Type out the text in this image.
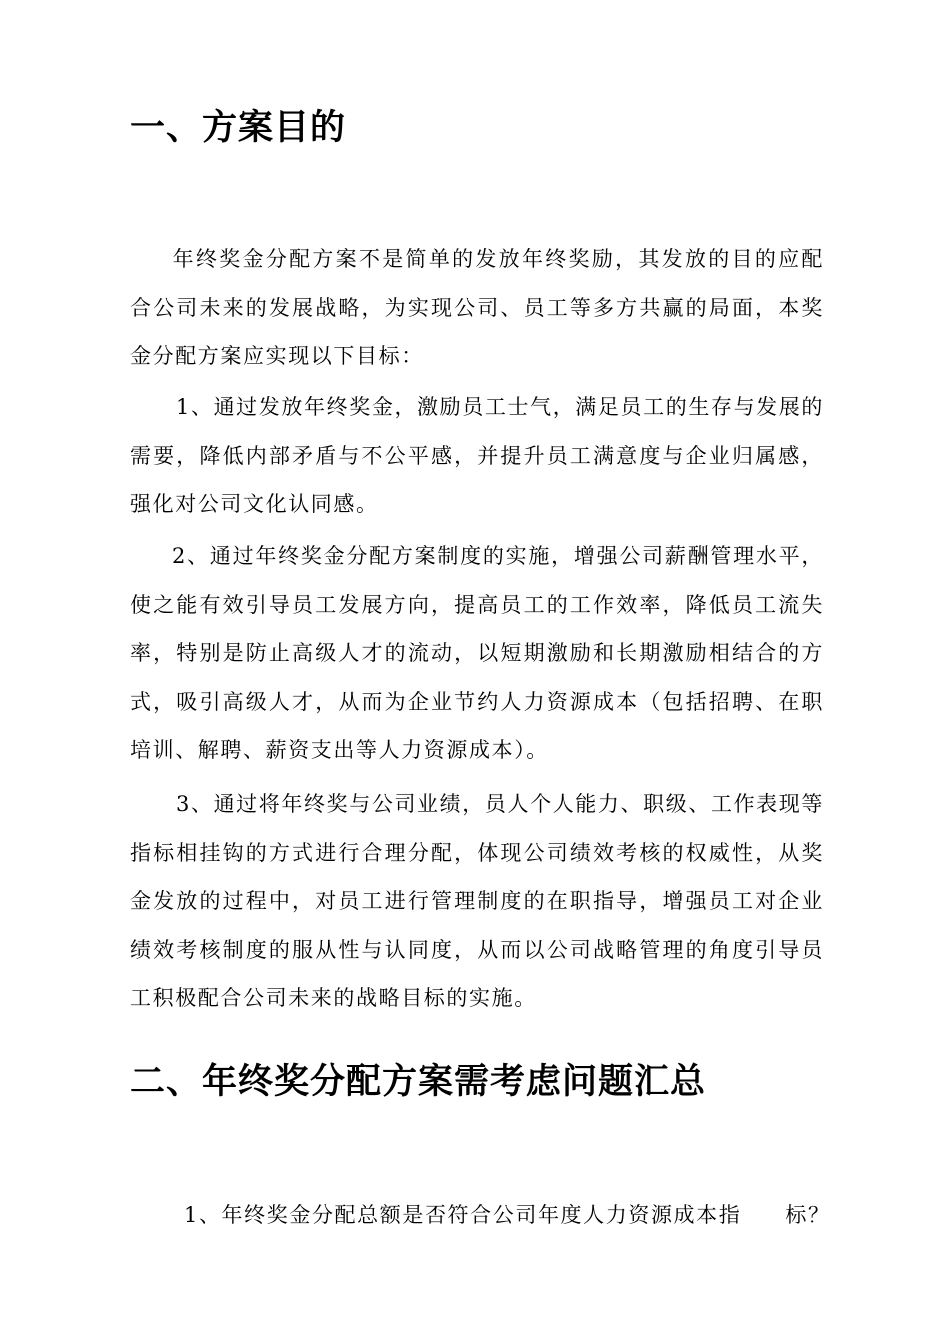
一、方案目的

年终奖金分配方案不是简单的发放年终奖励，其发放的目的应配合公司未来的发展战略，为实现公司、员工等多方共赢的局面，本奖金分配方案应实现以下目标：

1、通过发放年终奖金，激励员工士气，满足员工的生存与发展的需要，降低内部矛盾与不公平感，并提升员工满意度与企业归属感，强化对公司文化认同感。

2、通过年终奖金分配方案制度的实施，增强公司薪酬管理水平，使之能有效引导员工发展方向，提高员工的工作效率，降低员工流失率，特别是防止高级人才的流动，以短期激励和长期激励相结合的方式，吸引高级人才，从而为企业节约人力资源成本（包括招聘、在职培训、解聘、薪资支出等人力资源成本）。

3、通过将年终奖与公司业绩，员人个人能力、职级、工作表现等指标相挂钩的方式进行合理分配，体现公司绩效考核的权威性，从奖金发放的过程中，对员工进行管理制度的在职指导，增强员工对企业绩效考核制度的服从性与认同度，从而以公司战略管理的角度引导员工积极配合公司未来的战略目标的实施。

二、年终奖分配方案需考虑问题汇总

1、年终奖金分配总额是否符合公司年度人力资源成本指 标？
